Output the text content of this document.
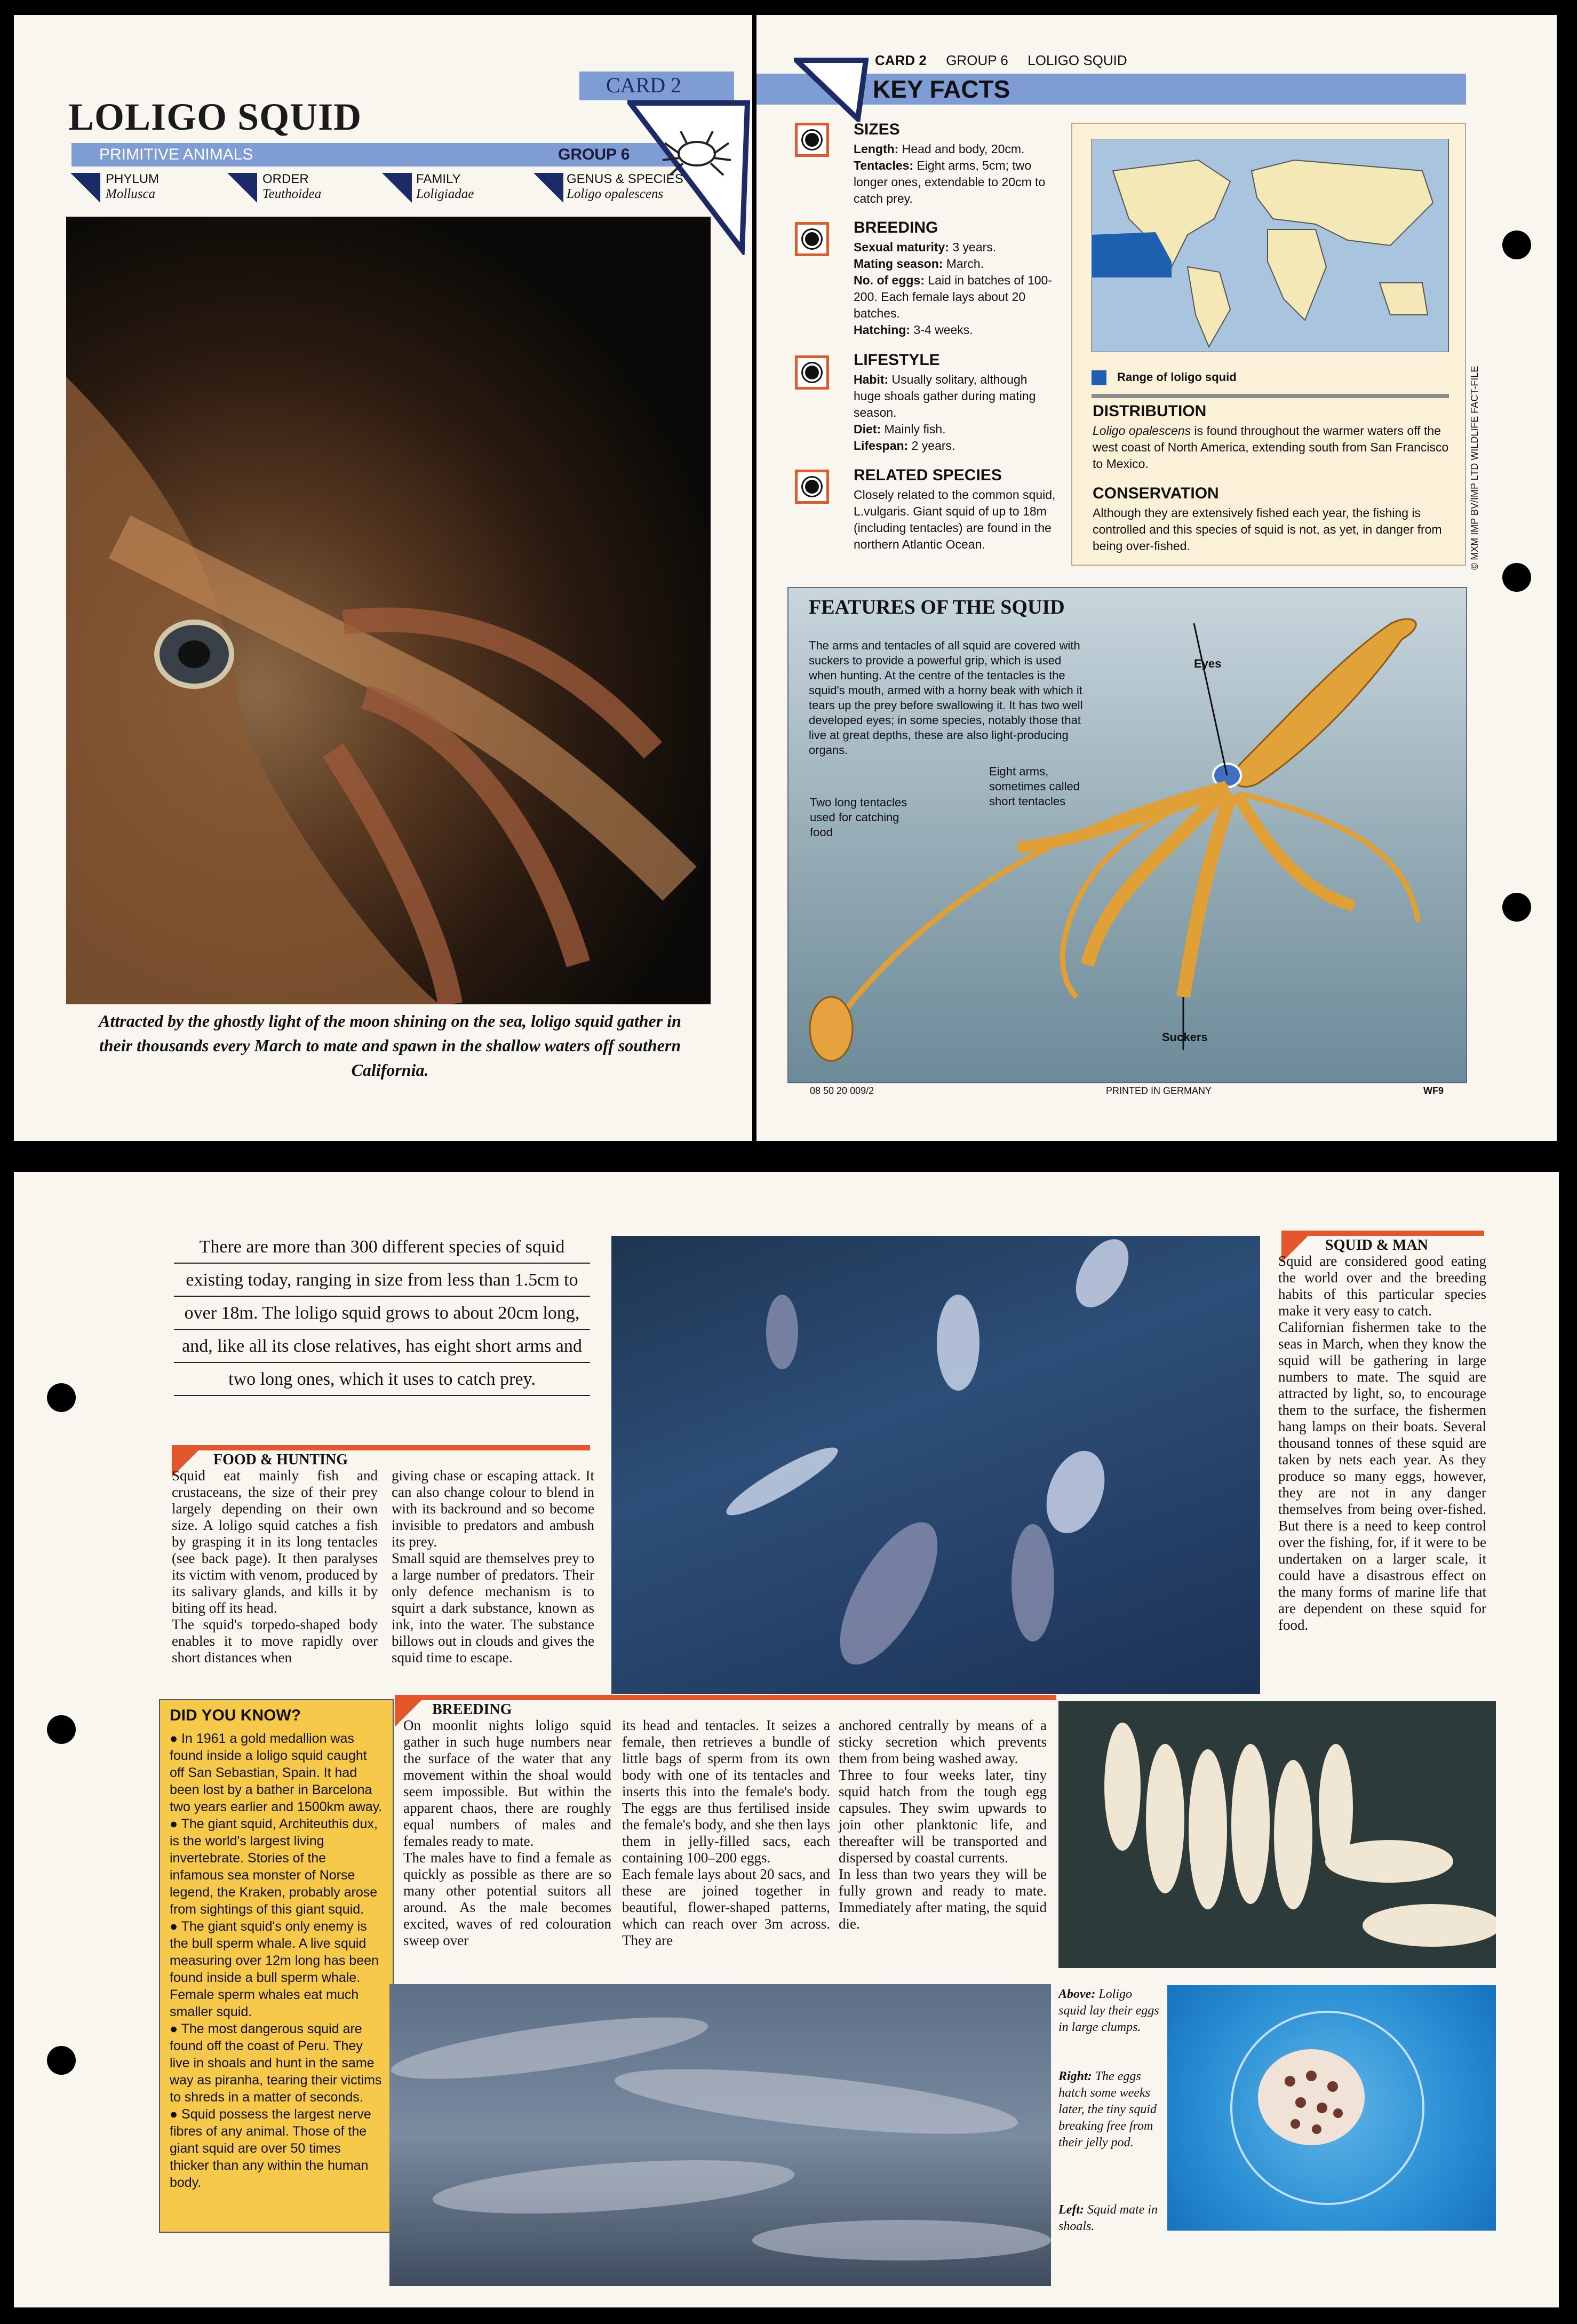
LOLIGO SQUID
CARD 2
PRIMITIVE ANIMALS	GROUP 6
PHYLUM
Mollusca
ORDER
Teuthoidea
FAMILY
Loligiadae
GENUS & SPECIES
Loligo opalescens
Attracted by the ghostly light of the moon shining on the sea, loligo squid gather in their thousands every March to mate and spawn in the shallow waters off southern California.
CARD 2 GROUP 6 LOLIGO SQUID
KEY FACTS
SIZES
Length: Head and body, 20cm.
Tentacles: Eight arms, 5cm; two longer ones, extendable to 20cm to catch prey.
BREEDING
Sexual maturity: 3 years.
Mating season: March.
No. of eggs: Laid in batches of 100-200. Each female lays about 20 batches.
Hatching: 3-4 weeks.
LIFESTYLE
Habit: Usually solitary, although huge shoals gather during mating season.
Diet: Mainly fish.
Lifespan: 2 years.
RELATED SPECIES
Closely related to the common squid, L.vulgaris. Giant squid of up to 18m (including tentacles) are found in the northern Atlantic Ocean.
Range of loligo squid
DISTRIBUTION
Loligo opalescens is found throughout the warmer waters off the west coast of North America, extending south from San Francisco to Mexico.
CONSERVATION
Although they are extensively fished each year, the fishing is controlled and this species of squid is not, as yet, in danger from being over-fished.	© MXM IMP BV/IMP LTD WILDLIFE FACT-FILE
FEATURES OF THE SQUID
The arms and tentacles of all squid are covered with suckers to provide a powerful grip, which is used when hunting. At the centre of the tentacles is the squid's mouth, armed with a horny beak with which it tears up the prey before swallowing it. It has two well developed eyes; in some species, notably those that live at great depths, these are also light-producing organs.
Eyes
Eight arms, sometimes called short tentacles
Two long tentacles used for catching food
Suckers
08 50 20 009/2	PRINTED IN GERMANY	WF9
There are more than 300 different species of squid existing today, ranging in size from less than 1.5cm to over 18m. The loligo squid grows to about 20cm long, and, like all its close relatives, has eight short arms and two long ones, which it uses to catch prey.
SQUID & MAN
Squid are considered good eating the world over and the breeding habits of this particular species make it very easy to catch.
Californian fishermen take to the seas in March, when they know the squid will be gathering in large numbers to mate. The squid are attracted by light, so, to encourage them to the surface, the fishermen hang lamps on their boats. Several thousand tonnes of these squid are taken by nets each year. As they produce so many eggs, however, they are not in any danger themselves from being over-fished. But there is a need to keep control over the fishing, for, if it were to be undertaken on a larger scale, it could have a disastrous effect on the many forms of marine life that are dependent on these squid for food.
FOOD & HUNTING
Squid eat mainly fish and crustaceans, the size of their prey largely depending on their own size. A loligo squid catches a fish by grasping it in its long tentacles (see back page). It then paralyses its victim with venom, produced by its salivary glands, and kills it by biting off its head.
The squid's torpedo-shaped body enables it to move rapidly over short distances when
giving chase or escaping attack. It can also change colour to blend in with its backround and so become invisible to predators and ambush its prey.
Small squid are themselves prey to a large number of predators. Their only defence mechanism is to squirt a dark substance, known as ink, into the water. The substance billows out in clouds and gives the squid time to escape.
DID YOU KNOW?
● In 1961 a gold medallion was found inside a loligo squid caught off San Sebastian, Spain. It had been lost by a bather in Barcelona two years earlier and 1500km away.
● The giant squid, Architeuthis dux, is the world's largest living invertebrate. Stories of the infamous sea monster of Norse legend, the Kraken, probably arose from sightings of this giant squid.
● The giant squid's only enemy is the bull sperm whale. A live squid measuring over 12m long has been found inside a bull sperm whale. Female sperm whales eat much smaller squid.
● The most dangerous squid are found off the coast of Peru. They live in shoals and hunt in the same way as piranha, tearing their victims to shreds in a matter of seconds.
● Squid possess the largest nerve fibres of any animal. Those of the giant squid are over 50 times thicker than any within the human body.
BREEDING
On moonlit nights loligo squid gather in such huge numbers near the surface of the water that any movement within the shoal would seem impossible. But within the apparent chaos, there are roughly equal numbers of males and females ready to mate.
The males have to find a female as quickly as possible as there are so many other potential suitors all around. As the male becomes excited, waves of red colouration sweep over
its head and tentacles. It seizes a female, then retrieves a bundle of little bags of sperm from its own body with one of its tentacles and inserts this into the female's body. The eggs are thus fertilised inside the female's body, and she then lays them in jelly-filled sacs, each containing 100–200 eggs.
Each female lays about 20 sacs, and these are joined together in beautiful, flower-shaped patterns, which can reach over 3m across. They are
anchored centrally by means of a sticky secretion which prevents them from being washed away.
Three to four weeks later, tiny squid hatch from the tough egg capsules. They swim upwards to join other planktonic life, and thereafter will be transported and dispersed by coastal currents.
In less than two years they will be fully grown and ready to mate. Immediately after mating, the squid die.
Above: Loligo squid lay their eggs in large clumps.
Right: The eggs hatch some weeks later, the tiny squid breaking free from their jelly pod.
Left: Squid mate in shoals.
